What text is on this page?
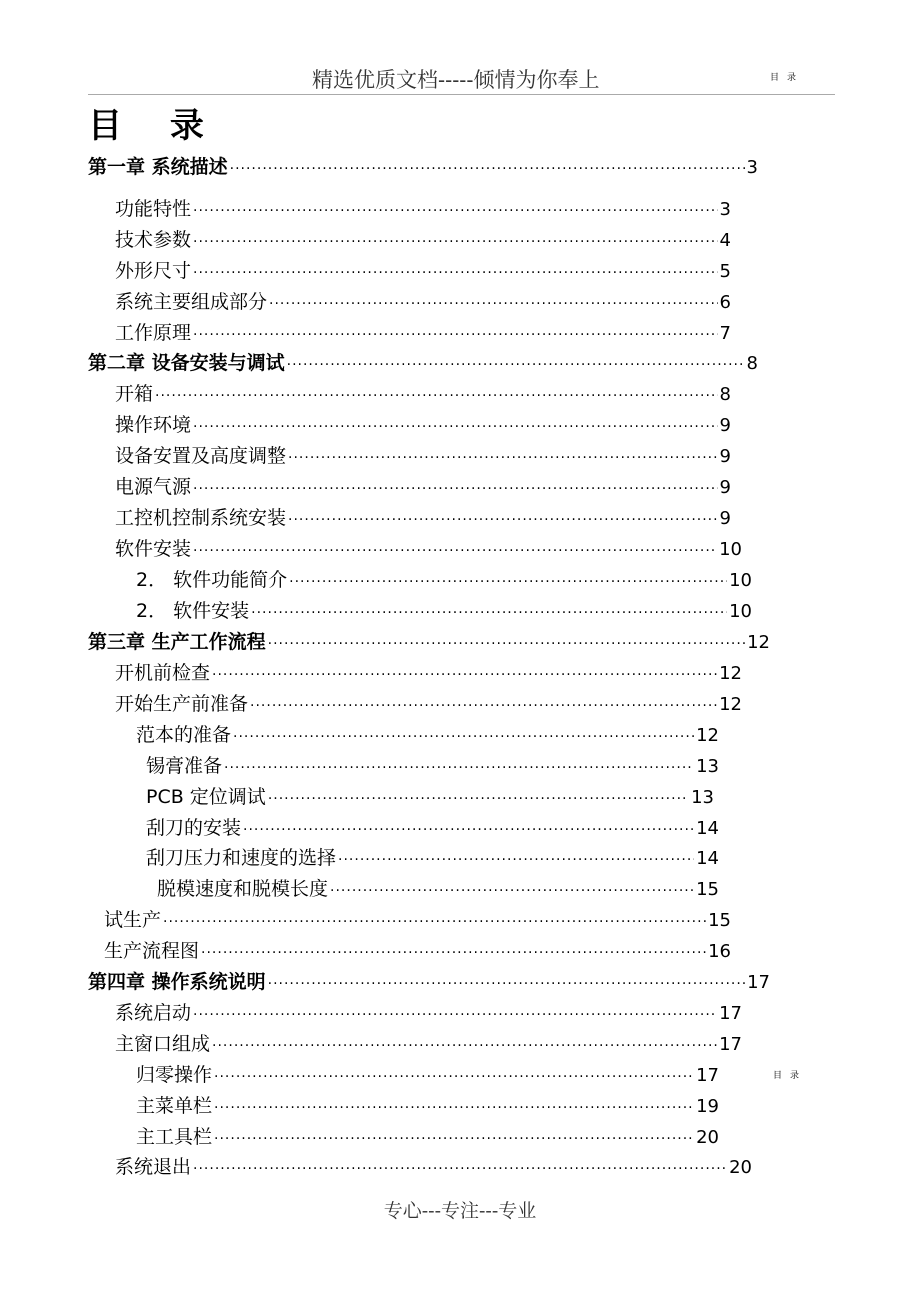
精选优质文档-----倾情为你奉上	目录
目录
目 录
第一章 系统描述 ·····	3
功能特性 ·····	3
技术参数 ·····	4
外形尺寸 ·····	5
系统主要组成部分 ·····	6
工作原理 ·····	7
第二章 设备安装与调试 ·····	8
开箱 ·····	8
操作环境 ·····	9
设备安置及高度调整 ·····	9
电源气源 ·····	9
工控机控制系统安装 ·····	9
软件安装 ·····	10
2． 软件功能简介 ·····	10
2． 软件安装 ·····	10
第三章 生产工作流程 ·····	12
开机前检查 ·····	12
开始生产前准备 ·····	12
范本的准备 ·····	12
锡膏准备 ·····	13
PCB 定位调试 ·····	13
刮刀的安装 ·····	14
刮刀压力和速度的选择 ·····	14
脱模速度和脱模长度 ·····	15
试生产 ·····	15
生产流程图 ·····	16
第四章 操作系统说明 ·····	17
系统启动 ·····	17
主窗口组成 ·····	17
归零操作 ·····	17
主菜单栏 ·····	19
主工具栏 ·····	20
系统退出 ·····	20
专心---专注---专业
